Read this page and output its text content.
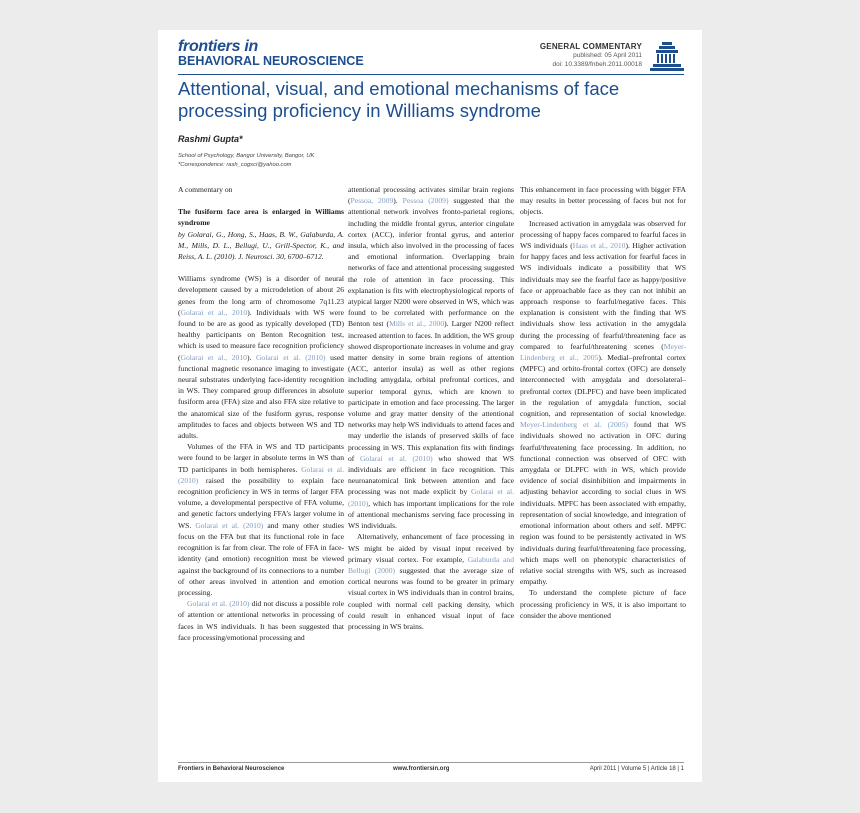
frontiers in
BEHAVIORAL NEUROSCIENCE
GENERAL COMMENTARY
published: 05 April 2011
doi: 10.3389/fnbeh.2011.00018
Attentional, visual, and emotional mechanisms of face processing proficiency in Williams syndrome
Rashmi Gupta*
School of Psychology, Bangor University, Bangor, UK
*Correspondence: rash_cogsci@yahoo.com

A commentary on

The fusiform face area is enlarged in Williams syndrome

by Golarai, G., Hong, S., Haas, B. W., Galaburda, A. M., Mills, D. L., Bellugi, U., Grill-Spector, K., and Reiss, A. L. (2010). J. Neurosci. 30, 6700–6712.

Williams syndrome (WS) is a disorder of neural development caused by a microdeletion of about 26 genes from the long arm of chromosome 7q11.23 (Golarai et al., 2010). Individuals with WS were found to be are as good as typically developed (TD) healthy participants on Benton Recognition test, which is used to measure face recognition proficiency (Golarai et al., 2010). Golarai et al. (2010) used functional magnetic resonance imaging to investigate neural substrates underlying face-identity recognition in WS. They compared group differences in absolute fusiform area (FFA) size and also FFA size relative to the anatomical size of the fusiform gyrus, response amplitudes to faces and objects between WS and TD adults.

Volumes of the FFA in WS and TD participants were found to be larger in absolute terms in WS than TD participants in both hemispheres. Golarai et al. (2010) raised the possibility to explain face recognition proficiency in WS in terms of larger FFA volume, a developmental perspective of FFA volume, and genetic factors underlying FFA’s larger volume in WS. Golarai et al. (2010) and many other studies focus on the FFA but that its functional role in face recognition is far from clear. The role of FFA in face-identity (and emotion) recognition must be viewed against the background of its connections to a number of other areas involved in attention and emotion processing.

Golarai et al. (2010) did not discuss a possible role of attention or attentional networks in processing of faces in WS individuals. It has been suggested that face processing/emotional processing and

attentional processing activates similar brain regions (Pessoa, 2009). Pessoa (2009) suggested that the attentional network involves fronto-parietal regions, including the middle frontal gyrus, anterior cingulate cortex (ACC), inferior frontal gyrus, and anterior insula, which also involved in the processing of faces and emotional information. Overlapping brain networks of face and attentional processing suggested the role of attention in face processing. This explanation is fits with electrophysiological reports of atypical larger N200 were observed in WS, which was found to be correlated with performance on the Benton test (Mills et al., 2000). Larger N200 reflect increased attention to faces. In addition, the WS group showed disproportionate increases in volume and gray matter density in some brain regions of attention (ACC, anterior insula) as well as other regions including amygdala, orbital prefrontal cortices, and superior temporal gyrus, which are known to participate in emotion and face processing. The larger volume and gray matter density of the attentional networks may help WS individuals to attend faces and may underlie the islands of preserved skills of face processing in WS. This explanation fits with findings of Golarai et al. (2010) who showed that WS individuals are efficient in face recognition. This neuroanatomical link between attention and face processing was not made explicit by Golarai et al. (2010), which has important implications for the role of attentional mechanisms serving face processing in WS individuals.

Alternatively, enhancement of face processing in WS might be aided by visual input received by primary visual cortex. For example, Galaburda and Bellugi (2000) suggested that the average size of cortical neurons was found to be greater in primary visual cortex in WS individuals than in control brains, coupled with normal cell packing density, which could result in enhanced visual input of face processing in WS brains.

This enhancement in face processing with bigger FFA may results in better processing of faces but not for objects.

Increased activation in amygdala was observed for processing of happy faces compared to fearful faces in WS individuals (Haas et al., 2010). Higher activation for happy faces and less activation for fearful faces in WS individuals indicate a possibility that WS individuals may see the fearful face as happy/positive face or approachable face as they can not inhibit an approach response to fearful/negative faces. This explanation is consistent with the finding that WS individuals show less activation in the amygdala during the processing of fearful/threatening face as compared to fearful/threatening scenes (Meyer-Lindenberg et al., 2005). Medial–prefrontal cortex (MPFC) and orbito-frontal cortex (OFC) are densely interconnected with amygdala and dorsolateral–prefrontal cortex (DLPFC) and have been implicated in the regulation of amygdala function, social cognition, and representation of social knowledge. Meyer-Lindenberg et al. (2005) found that WS individuals showed no activation in OFC during fearful/threatening face processing. In addition, no functional connection was observed of OFC with amygdala or DLPFC with in WS, which provide evidence of social disinhibition and impairments in adjusting behavior according to social clues in WS individuals. MPFC has been associated with empathy, representation of social knowledge, and integration of emotional information about others and self. MPFC region was found to be persistently activated in WS individuals during fearful/threatening face processing, which maps well on phenotypic characteristics of relative social strengths with WS, such as increased empathy.

To understand the complete picture of face processing proficiency in WS, it is also important to consider the above mentioned

Frontiers in Behavioral Neuroscience	www.frontiersin.org	April 2011 | Volume 5 | Article 18 | 1
